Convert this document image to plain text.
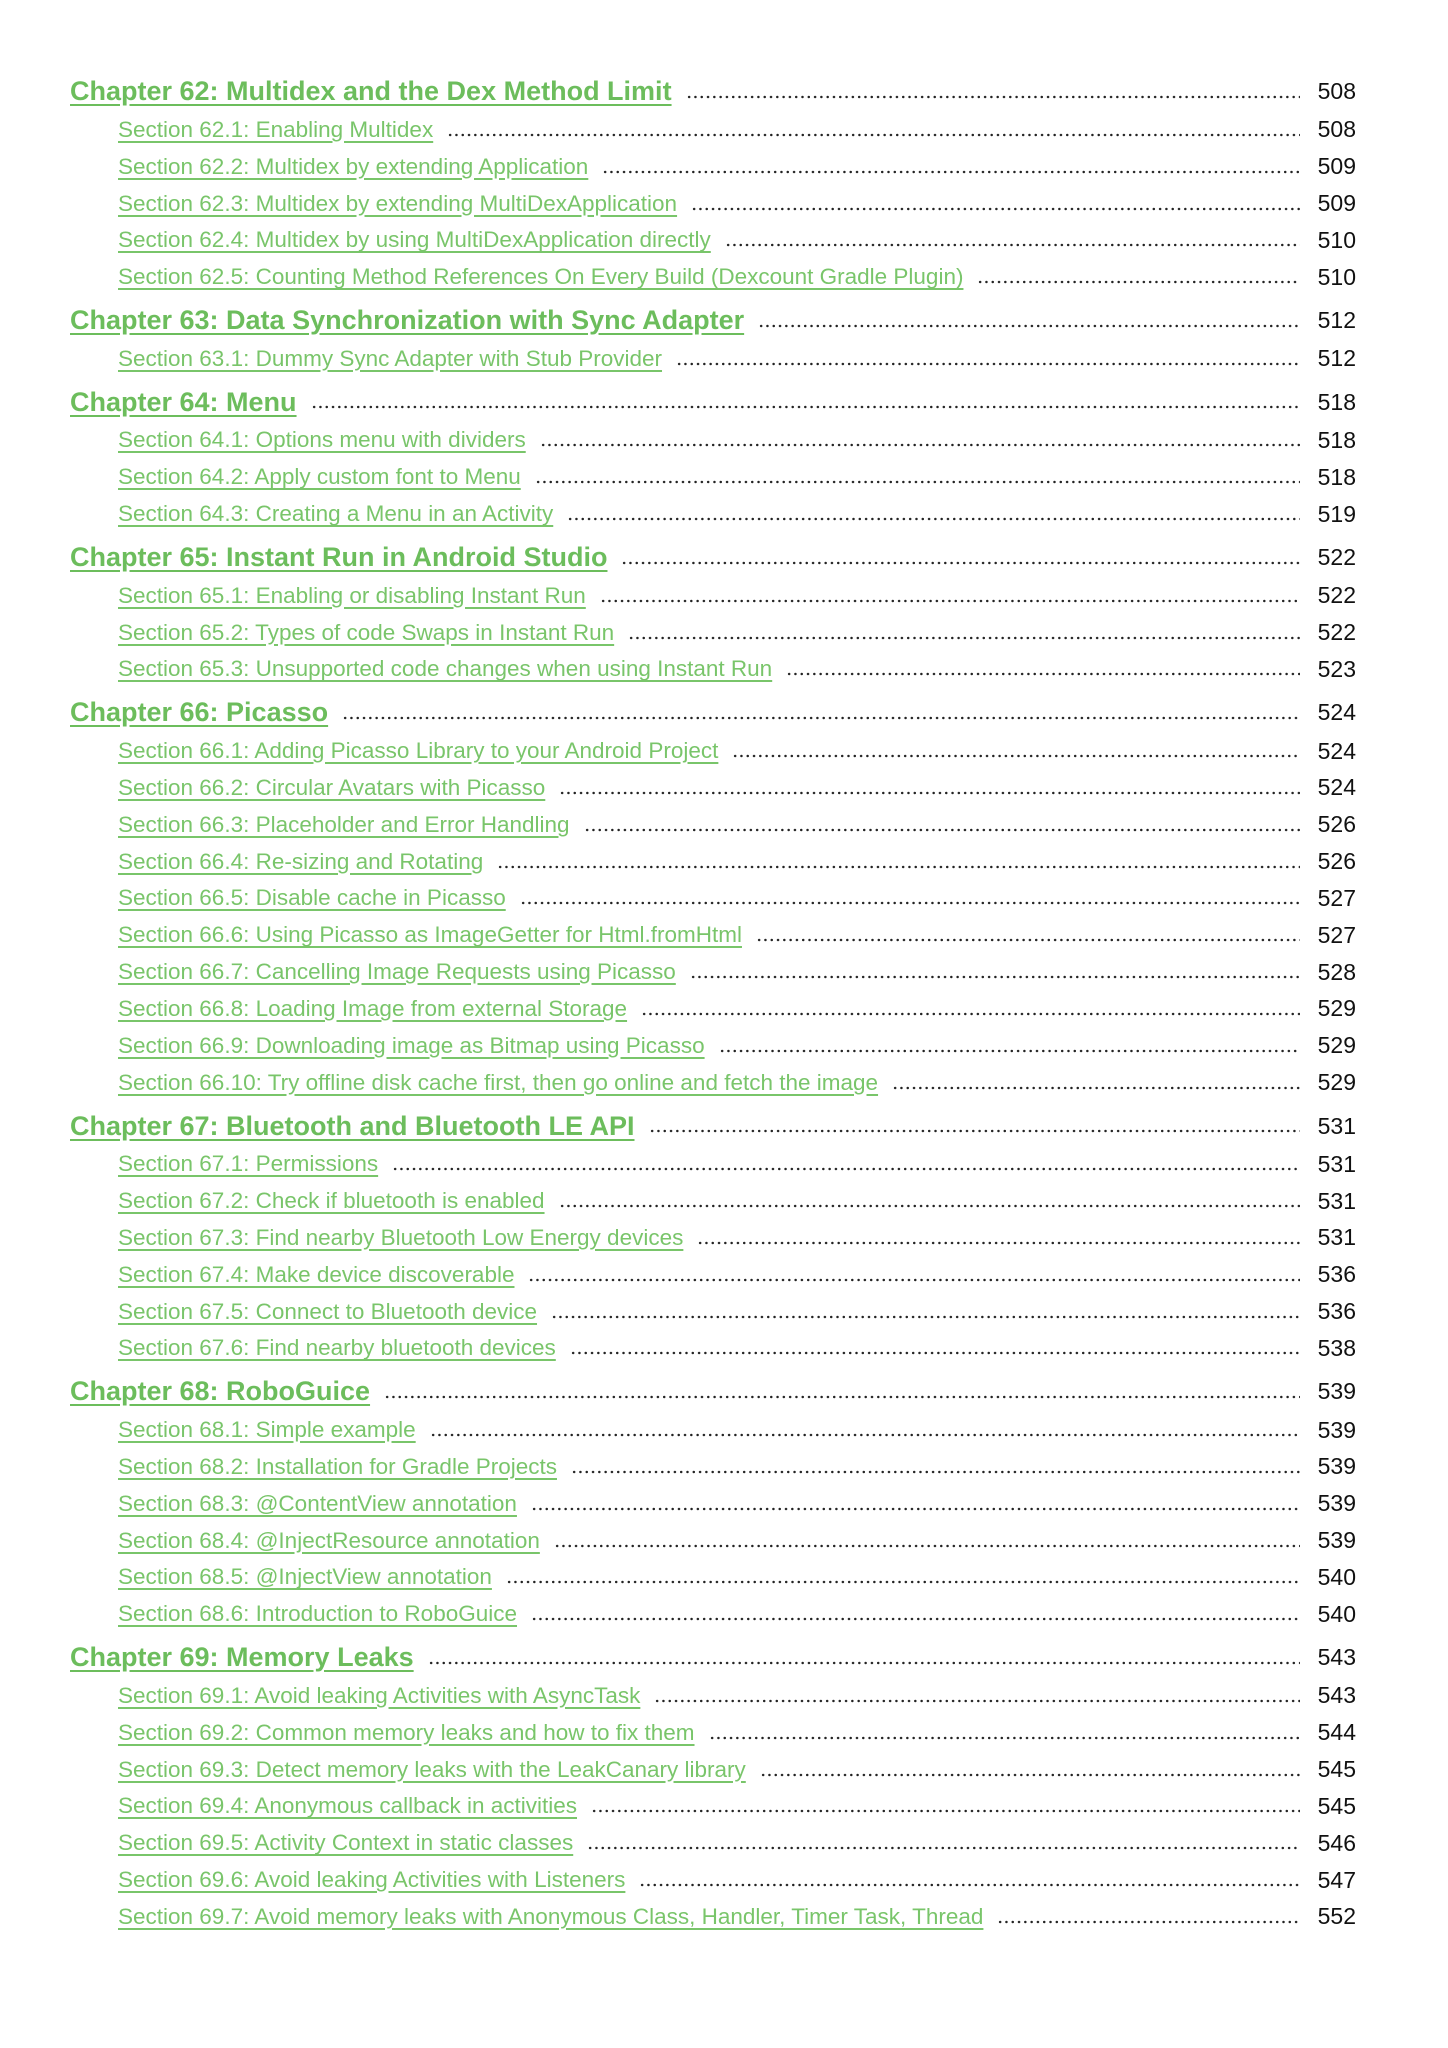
Chapter 62: Multidex and the Dex Method Limit	508
Section 62.1: Enabling Multidex	508
Section 62.2: Multidex by extending Application	509
Section 62.3: Multidex by extending MultiDexApplication	509
Section 62.4: Multidex by using MultiDexApplication directly	510
Section 62.5: Counting Method References On Every Build (Dexcount Gradle Plugin)	510
Chapter 63: Data Synchronization with Sync Adapter	512
Section 63.1: Dummy Sync Adapter with Stub Provider	512
Chapter 64: Menu	518
Section 64.1: Options menu with dividers	518
Section 64.2: Apply custom font to Menu	518
Section 64.3: Creating a Menu in an Activity	519
Chapter 65: Instant Run in Android Studio	522
Section 65.1: Enabling or disabling Instant Run	522
Section 65.2: Types of code Swaps in Instant Run	522
Section 65.3: Unsupported code changes when using Instant Run	523
Chapter 66: Picasso	524
Section 66.1: Adding Picasso Library to your Android Project	524
Section 66.2: Circular Avatars with Picasso	524
Section 66.3: Placeholder and Error Handling	526
Section 66.4: Re-sizing and Rotating	526
Section 66.5: Disable cache in Picasso	527
Section 66.6: Using Picasso as ImageGetter for Html.fromHtml	527
Section 66.7: Cancelling Image Requests using Picasso	528
Section 66.8: Loading Image from external Storage	529
Section 66.9: Downloading image as Bitmap using Picasso	529
Section 66.10: Try offline disk cache first, then go online and fetch the image	529
Chapter 67: Bluetooth and Bluetooth LE API	531
Section 67.1: Permissions	531
Section 67.2: Check if bluetooth is enabled	531
Section 67.3: Find nearby Bluetooth Low Energy devices	531
Section 67.4: Make device discoverable	536
Section 67.5: Connect to Bluetooth device	536
Section 67.6: Find nearby bluetooth devices	538
Chapter 68: RoboGuice	539
Section 68.1: Simple example	539
Section 68.2: Installation for Gradle Projects	539
Section 68.3: @ContentView annotation	539
Section 68.4: @InjectResource annotation	539
Section 68.5: @InjectView annotation	540
Section 68.6: Introduction to RoboGuice	540
Chapter 69: Memory Leaks	543
Section 69.1: Avoid leaking Activities with AsyncTask	543
Section 69.2: Common memory leaks and how to fix them	544
Section 69.3: Detect memory leaks with the LeakCanary library	545
Section 69.4: Anonymous callback in activities	545
Section 69.5: Activity Context in static classes	546
Section 69.6: Avoid leaking Activities with Listeners	547
Section 69.7: Avoid memory leaks with Anonymous Class, Handler, Timer Task, Thread	552
